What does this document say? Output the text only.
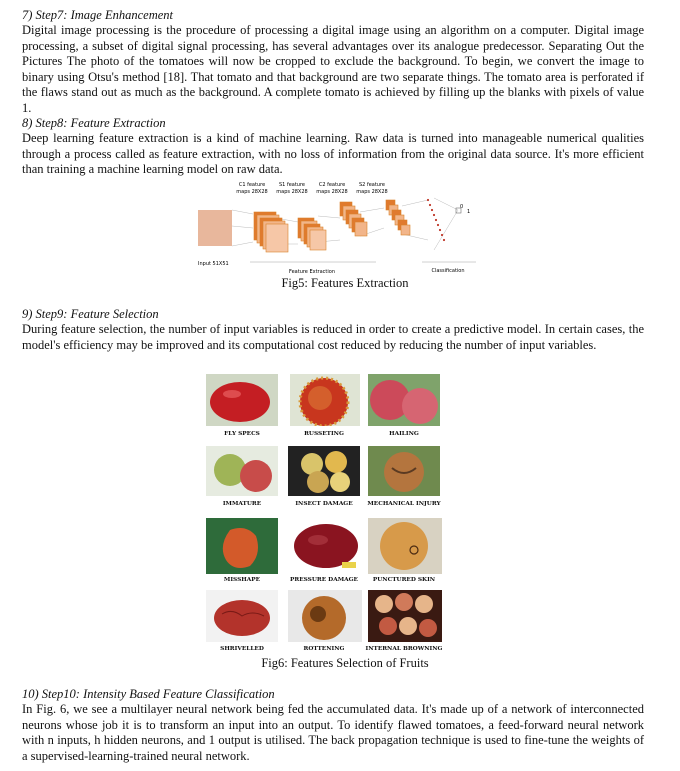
7) Step7: Image Enhancement
Digital image processing is the procedure of processing a digital image using an algorithm on a computer. Digital image processing, a subset of digital signal processing, has several advantages over its analogue predecessor. Separating Out the Pictures The photo of the tomatoes will now be cropped to exclude the background. To begin, we convert the image to binary using Otsu's method [18]. That tomato and that background are two separate things. The tomato area is perforated if the flaws stand out as much as the background. A complete tomato is achieved by filling up the blanks with pixels of value 1.
8) Step8: Feature Extraction
Deep learning feature extraction is a kind of machine learning. Raw data is turned into manageable numerical qualities through a process called as feature extraction, with no loss of information from the original data source. It's more efficient than training a machine learning model on raw data.
C1 feature
maps 28X28
S1 feature
maps 28X28
C2 feature
maps 28X28
S2 feature
maps 28X28
Input 51X51
Feature Extraction	Classification
0
1
Fig5: Features Extraction
9) Step9: Feature Selection
During feature selection, the number of input variables is reduced in order to create a predictive model. In certain cases, the model's efficiency may be improved and its computational cost reduced by reducing the number of input variables.
FLY SPECS	RUSSETING	HAILING
IMMATURE	INSECT DAMAGE	MECHANICAL INJURY
MISSHAPE	PRESSURE DAMAGE	PUNCTURED SKIN
SHRIVELLED	ROTTENING	INTERNAL BROWNING
Fig6: Features Selection of Fruits
10) Step10: Intensity Based Feature Classification
In Fig. 6, we see a multilayer neural network being fed the accumulated data. It's made up of a network of interconnected neurons whose job it is to transform an input into an output. To identify flawed tomatoes, a feed-forward neural network with n inputs, h hidden neurons, and 1 output is utilised. The back propagation technique is used to fine-tune the weights of a supervised-learning-trained neural network.
